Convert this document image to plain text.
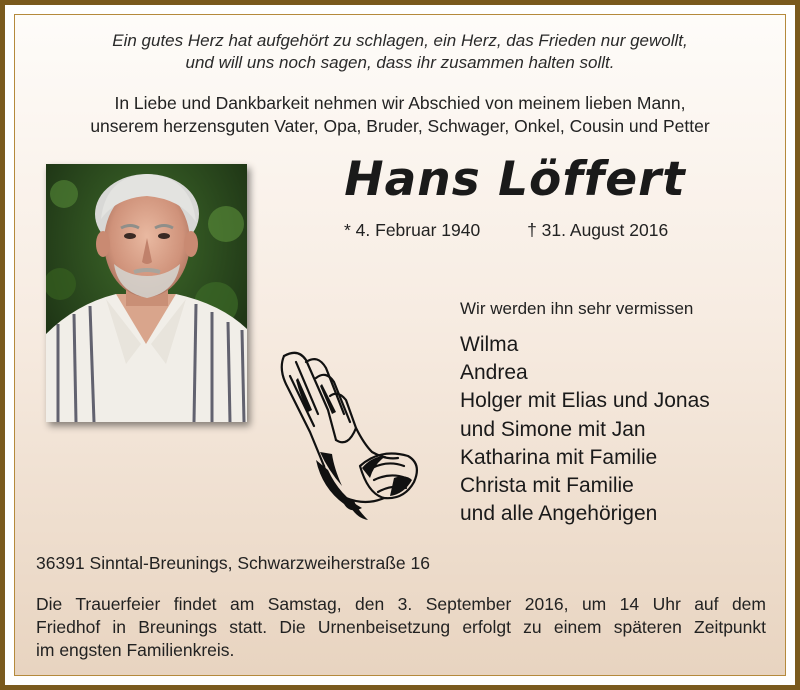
Ein gutes Herz hat aufgehört zu schlagen, ein Herz, das Frieden nur gewollt,
und will uns noch sagen, dass ihr zusammen halten sollt.
In Liebe und Dankbarkeit nehmen wir Abschied von meinem lieben Mann,
unserem herzensguten Vater, Opa, Bruder, Schwager, Onkel, Cousin und Petter
Hans Löffert
* 4. Februar 1940	† 31. August 2016
Wir werden ihn sehr vermissen
Wilma
Andrea
Holger mit Elias und Jonas
und Simone mit Jan
Katharina mit Familie
Christa mit Familie
und alle Angehörigen
36391 Sinntal-Breunings, Schwarzweiherstraße 16
Die Trauerfeier findet am Samstag, den 3. September 2016, um 14 Uhr auf dem
Friedhof in Breunings statt. Die Urnenbeisetzung erfolgt zu einem späteren Zeitpunkt
im engsten Familienkreis.
